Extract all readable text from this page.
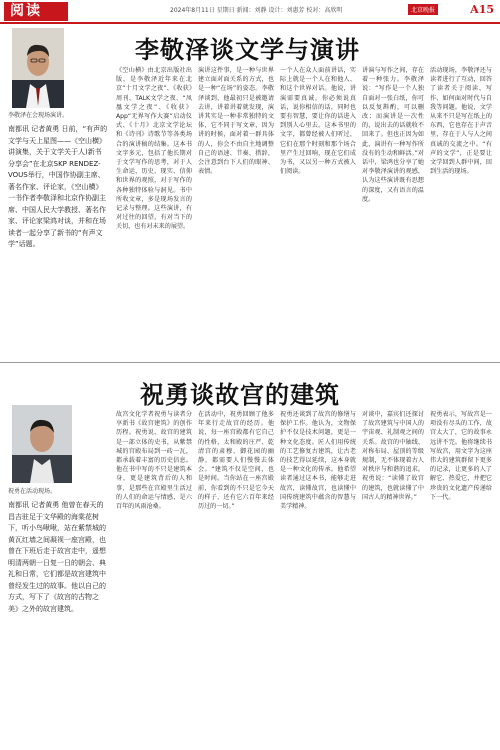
阅读	2024年8月11日 星期日 新闻：刘静 设计：刘惠芳 校对：高欣明	北京晚报	A15
李敬泽谈文学与演讲
李敬泽在会现场演讲。
南都讯 记者黄勇 日前，“有声的文学与天上星图——《空山横》讲演集，关于文学关于人)新书分享会”在北京SKP RENDEZ-VOUS举行，中国作协副主席、著名作家、评论家，《空山横》一书作者李敬泽和北京作协副主席、中国人民大学教授、著名作家、评论家梁鸿对谈，并和在场读者一起分享了新书的“有声文学”话题。
《空山横》由北京出版社出版，是李敬泽近年来在北京“十月文学之夜”、《收获》周刊、TALK文学之夜、“凤凰文学之夜”、《收获》App“无界写作大赛”启动仪式、《十月》北京文学论坛和《诗刊》诗歌节等各类场合的演讲稿的结集。这本书文字多元，包括了他长期对于文学写作的思考，对于人生命运、历史、现实、信仰和世界的观照，对于写作的各种独特体验与洞见。书中所收文章，多是现场发言的记录与整理。这些演讲，有对过往的回望，有对当下的关切，也有对未来的展望。
演讲这件事，是一种与世界建立面对面关系的方式，也是一种“在场”的姿态。李敬泽谈到，他最初只是被邀请去讲，讲着讲着就发现，演讲其实是一种非常独特的文体，它不同于写文章，因为讲的时候，面对着一群具体的人，你会不由自主地调整自己的语速、节奏、措辞，会注意到台下人们的眼神、表情。
一个人在众人面前讲话，实际上就是一个人在和他人、和这个世界对话。他说，讲演需要真诚，你必须说真话，说你相信的话，同时也要有智慧，要让你的话进入到别人心里去。这本书里的文字，都曾经被人们听过，它们在那个时刻和那个场合里产生过回响，现在它们成为书，又以另一种方式被人们阅读。
讲演与写作之间，存在着一种张力。李敬泽说：“写作是一个人独自面对一张白纸，你可以反复斟酌，可以删改；而演讲是一次性的，说出去的话就收不回来了。但也正因为如此，演讲有一种写作所没有的生动和鲜活。”对话中，梁鸿也分享了她对李敬泽演讲的观感，认为这些演讲既有思想的深度，又有语言的温度。
活动现场，李敬泽还与读者进行了互动，回答了读者关于阅读、写作、如何面对时代与自我等问题。他说，文学从来不只是写在纸上的东西，它也存在于声音里，存在于人与人之间真诚的交流之中。“有声的文学”，正是要让文学回到人群中间，回到生活的现场。
祝勇谈故宫的建筑
祝勇在活动现场。
南都讯 记者黄勇 他曾在春天的昌吉驻足于文华殿的海棠花树下，听小鸟啾啾，站在紫禁城的黄瓦红墙之间凝视一座宫殿，也曾在下班后走于故宫走中，遥想明清两朝一日复一日的朝会、典礼和日常，它们都是故宫建筑中曾经发生过的故事。他以自己的方式，写下了《故宫的古物之美》之外的故宫建筑。
故宫文化学者祝勇与读者分享新书《故宫建筑》的创作历程。祝勇说，故宫的建筑是一部立体的史书，从紫禁城的宫殿布局到一砖一瓦，都承载着丰富的历史信息。他在书中写的不只是建筑本身，更是建筑背后的人和事，是那些在宫殿里生活过的人们的命运与情感，是六百年的风雨沧桑。
在活动中，祝勇回顾了他多年来行走故宫的经历。他说，每一座宫殿都有它自己的性格，太和殿的庄严、乾清宫的肃穆、御花园的幽静，都需要人们慢慢去体会。“建筑不仅是空间，也是时间。当你站在一座宫殿前，你看到的不只是它今天的样子，还有它六百年来经历过的一切。”
祝勇还谈到了故宫的修缮与保护工作。他认为，文物保护不仅是技术问题，更是一种文化态度。匠人们用传统的工艺修复古建筑，让古老的技艺得以延续，这本身就是一种文化的传承。他希望读者通过这本书，能够走进故宫，读懂故宫，也读懂中国传统建筑中蕴含的智慧与美学精神。
对谈中，嘉宾们还探讨了故宫建筑与中国人的宇宙观、礼制观之间的关系。故宫的中轴线、对称布局、屋顶的等级规制，无不体现着古人对秩序与和谐的追求。祝勇说：“读懂了故宫的建筑，也就读懂了中国古人的精神世界。”
祝勇表示，写故宫是一项没有尽头的工作，故宫太大了，它的故事永远讲不完。他将继续书写故宫，用文字为这座伟大的建筑群留下更多的记录，让更多的人了解它、热爱它，并把它珍贵的文化遗产传递给下一代。
